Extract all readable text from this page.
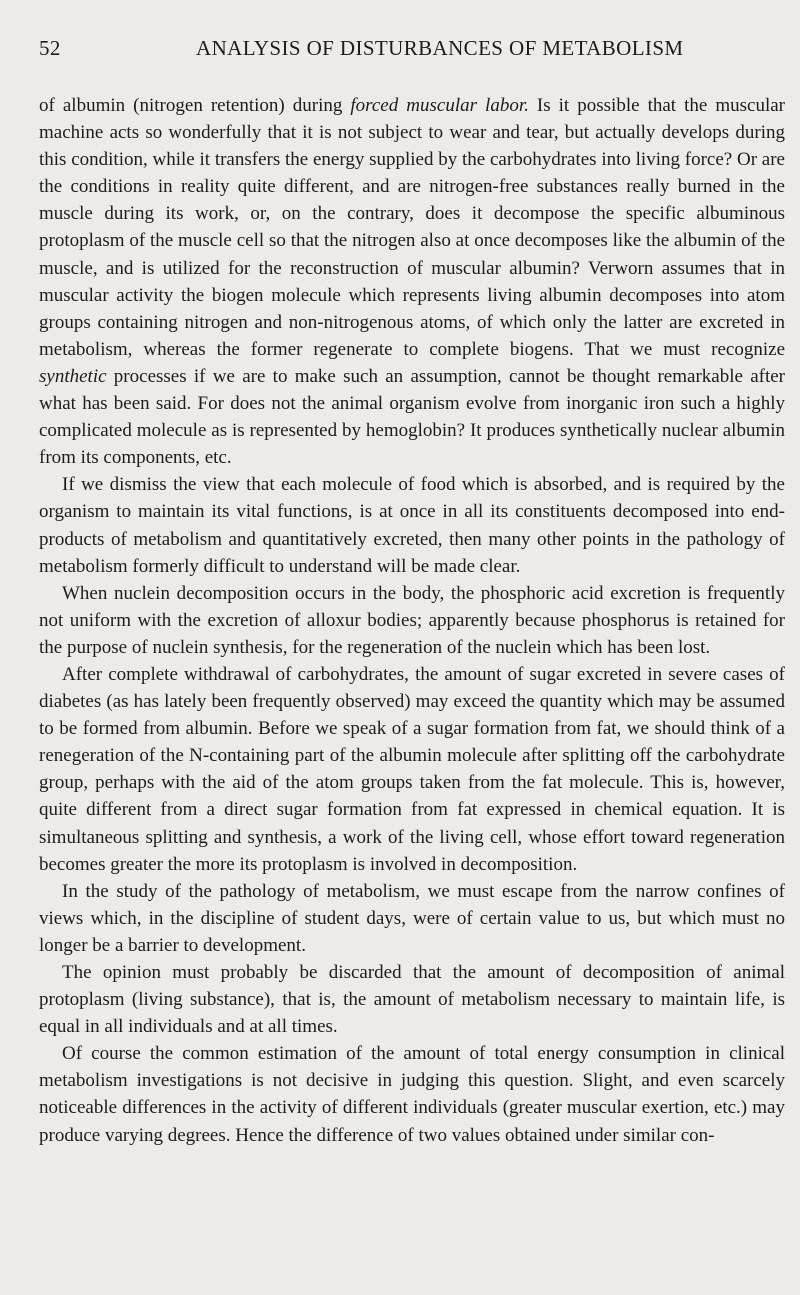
52	ANALYSIS OF DISTURBANCES OF METABOLISM

of albumin (nitrogen retention) during forced muscular labor. Is it possible that the muscular machine acts so wonderfully that it is not subject to wear and tear, but actually develops during this condition, while it transfers the energy supplied by the carbohydrates into living force? Or are the conditions in reality quite different, and are nitrogen-free substances really burned in the muscle during its work, or, on the contrary, does it decompose the specific albuminous protoplasm of the muscle cell so that the nitrogen also at once decomposes like the albumin of the muscle, and is utilized for the reconstruction of muscular albumin? Verworn assumes that in muscular activity the biogen molecule which represents living albumin decomposes into atom groups containing nitrogen and non-nitrogenous atoms, of which only the latter are excreted in metabolism, whereas the former regenerate to complete biogens. That we must recognize synthetic processes if we are to make such an assumption, cannot be thought remarkable after what has been said. For does not the animal organism evolve from inorganic iron such a highly complicated molecule as is represented by hemoglobin? It produces synthetically nuclear albumin from its components, etc.

If we dismiss the view that each molecule of food which is absorbed, and is required by the organism to maintain its vital functions, is at once in all its constituents decomposed into end-products of metabolism and quantitatively excreted, then many other points in the pathology of metabolism formerly difficult to understand will be made clear.

When nuclein decomposition occurs in the body, the phosphoric acid excretion is frequently not uniform with the excretion of alloxur bodies; apparently because phosphorus is retained for the purpose of nuclein synthesis, for the regeneration of the nuclein which has been lost.

After complete withdrawal of carbohydrates, the amount of sugar excreted in severe cases of diabetes (as has lately been frequently observed) may exceed the quantity which may be assumed to be formed from albumin. Before we speak of a sugar formation from fat, we should think of a renegeration of the N-containing part of the albumin molecule after splitting off the carbohydrate group, perhaps with the aid of the atom groups taken from the fat molecule. This is, however, quite different from a direct sugar formation from fat expressed in chemical equation. It is simultaneous splitting and synthesis, a work of the living cell, whose effort toward regeneration becomes greater the more its protoplasm is involved in decomposition.

In the study of the pathology of metabolism, we must escape from the narrow confines of views which, in the discipline of student days, were of certain value to us, but which must no longer be a barrier to development.

The opinion must probably be discarded that the amount of decomposition of animal protoplasm (living substance), that is, the amount of metabolism necessary to maintain life, is equal in all individuals and at all times.

Of course the common estimation of the amount of total energy consumption in clinical metabolism investigations is not decisive in judging this question. Slight, and even scarcely noticeable differences in the activity of different individuals (greater muscular exertion, etc.) may produce varying degrees. Hence the difference of two values obtained under similar con-
